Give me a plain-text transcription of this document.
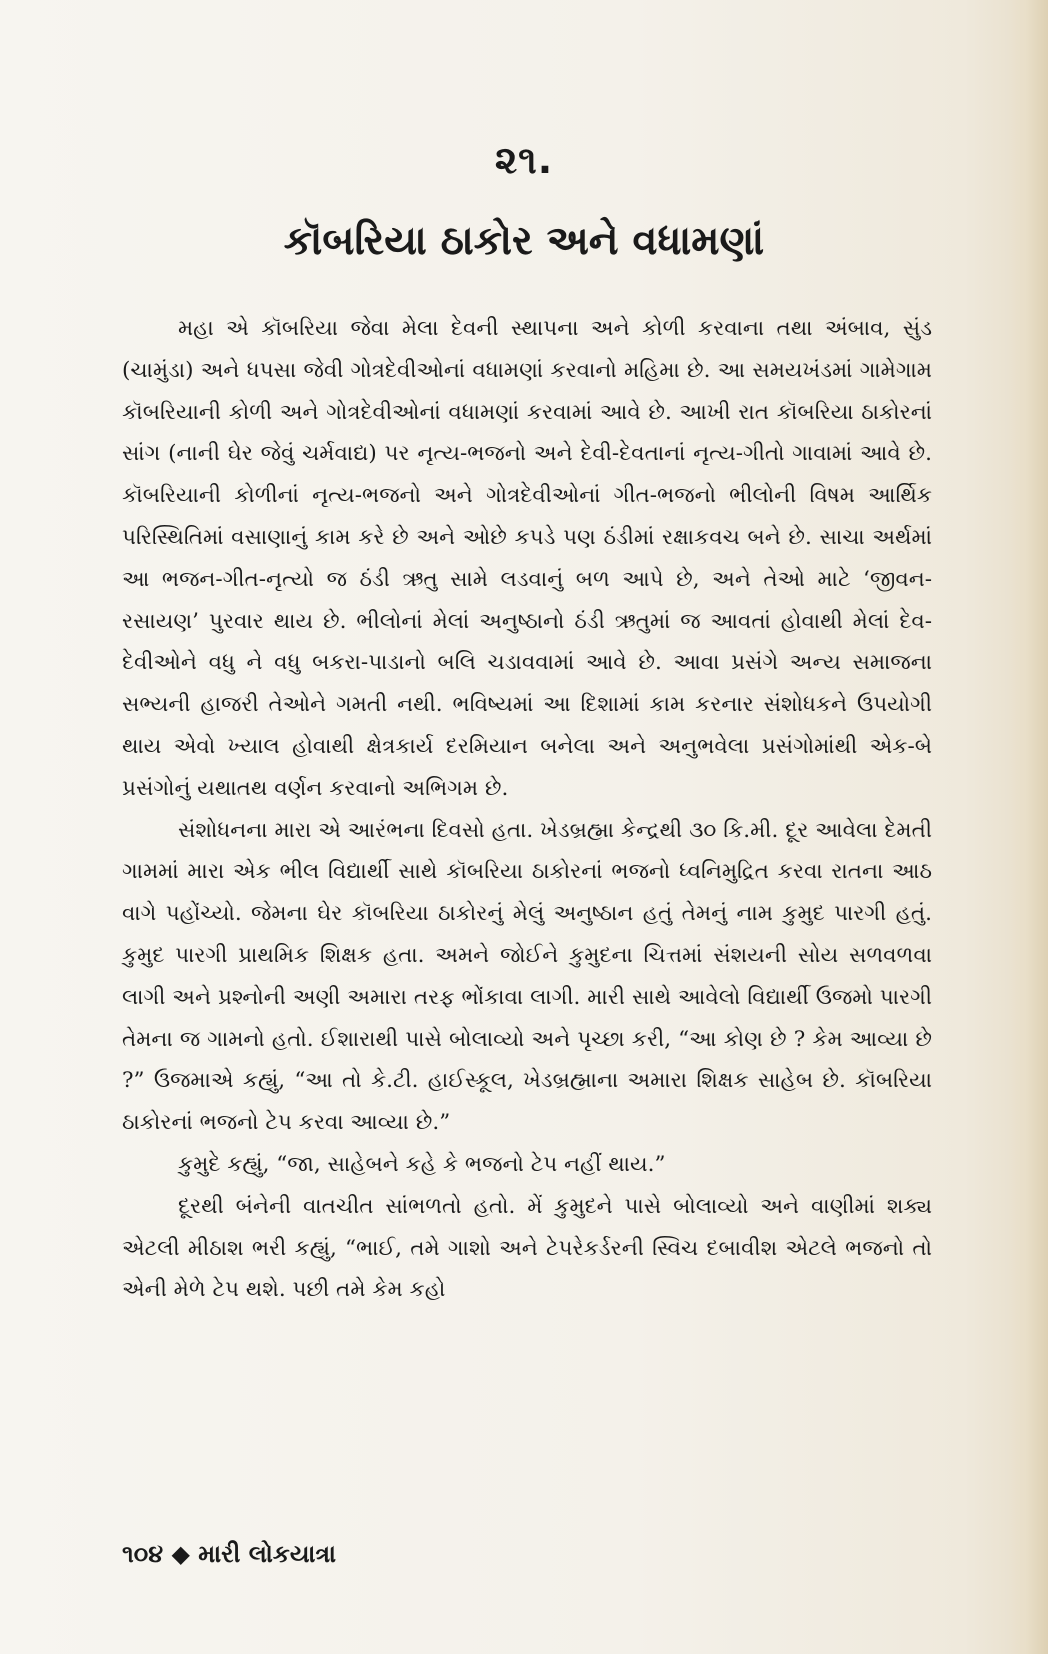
૨૧.
કૉબરિયા ઠાકોર અને વધામણાં

મહા એ કૉબરિયા જેવા મેલા દેવની સ્થાપના અને કોળી કરવાના તથા અંબાવ, સુંડ (ચામુંડા) અને ધપસા જેવી ગોત્રદેવીઓનાં વધામણાં કરવાનો મહિમા છે. આ સમયખંડમાં ગામેગામ કૉબરિયાની કોળી અને ગોત્રદેવીઓનાં વધામણાં કરવામાં આવે છે. આખી રાત કૉબરિયા ઠાકોરનાં સાંગ (નાની ઘેર જેવું ચર્મવાદ્ય) પર નૃત્ય-ભજનો અને દેવી-દેવતાનાં નૃત્ય-ગીતો ગાવામાં આવે છે. કૉબરિયાની કોળીનાં નૃત્ય-ભજનો અને ગોત્રદેવીઓનાં ગીત-ભજનો ભીલોની વિષમ આર્થિક પરિસ્થિતિમાં વસાણાનું કામ કરે છે અને ઓછે કપડે પણ ઠંડીમાં રક્ષાકવચ બને છે. સાચા અર્થમાં આ ભજન-ગીત-નૃત્યો જ ઠંડી ઋતુ સામે લડવાનું બળ આપે છે, અને તેઓ માટે ‘જીવન-રસાયણ’ પુરવાર થાય છે. ભીલોનાં મેલાં અનુષ્ઠાનો ઠંડી ઋતુમાં જ આવતાં હોવાથી મેલાં દેવ-દેવીઓને વધુ ને વધુ બકરા-પાડાનો બલિ ચડાવવામાં આવે છે. આવા પ્રસંગે અન્ય સમાજના સભ્યની હાજરી તેઓને ગમતી નથી. ભવિષ્યમાં આ દિશામાં કામ કરનાર સંશોધકને ઉપયોગી થાય એવો ખ્યાલ હોવાથી ક્ષેત્રકાર્ય દરમિયાન બનેલા અને અનુભવેલા પ્રસંગોમાંથી એક-બે પ્રસંગોનું યથાતથ વર્ણન કરવાનો અભિગમ છે.

સંશોધનના મારા એ આરંભના દિવસો હતા. ખેડબ્રહ્મા કેન્દ્રથી ૩૦ કિ.મી. દૂર આવેલા દેમતી ગામમાં મારા એક ભીલ વિદ્યાર્થી સાથે કૉબરિયા ઠાકોરનાં ભજનો ધ્વનિમુદ્રિત કરવા રાતના આઠ વાગે પહોંચ્યો. જેમના ઘેર કૉબરિયા ઠાકોરનું મેલું અનુષ્ઠાન હતું તેમનું નામ કુમુદ પારગી હતું. કુમુદ પારગી પ્રાથમિક શિક્ષક હતા. અમને જોઈને કુમુદના ચિત્તમાં સંશયની સોય સળવળવા લાગી અને પ્રશ્નોની અણી અમારા તરફ ભોંકાવા લાગી. મારી સાથે આવેલો વિદ્યાર્થી ઉજમો પારગી તેમના જ ગામનો હતો. ઈશારાથી પાસે બોલાવ્યો અને પૃચ્છા કરી, “આ કોણ છે ? કેમ આવ્યા છે ?” ઉજમાએ કહ્યું, “આ તો કે.ટી. હાઈસ્કૂલ, ખેડબ્રહ્માના અમારા શિક્ષક સાહેબ છે. કૉબરિયા ઠાકોરનાં ભજનો ટેપ કરવા આવ્યા છે.”

કુમુદે કહ્યું, “જા, સાહેબને કહે કે ભજનો ટેપ નહીં થાય.”

દૂરથી બંનેની વાતચીત સાંભળતો હતો. મેં કુમુદને પાસે બોલાવ્યો અને વાણીમાં શક્ય એટલી મીઠાશ ભરી કહ્યું, “ભાઈ, તમે ગાશો અને ટેપરેકર્ડરની સ્વિચ દબાવીશ એટલે ભજનો તો એની મેળે ટેપ થશે. પછી તમે કેમ કહો

૧૦૪ ◆ મારી લોકયાત્રા
